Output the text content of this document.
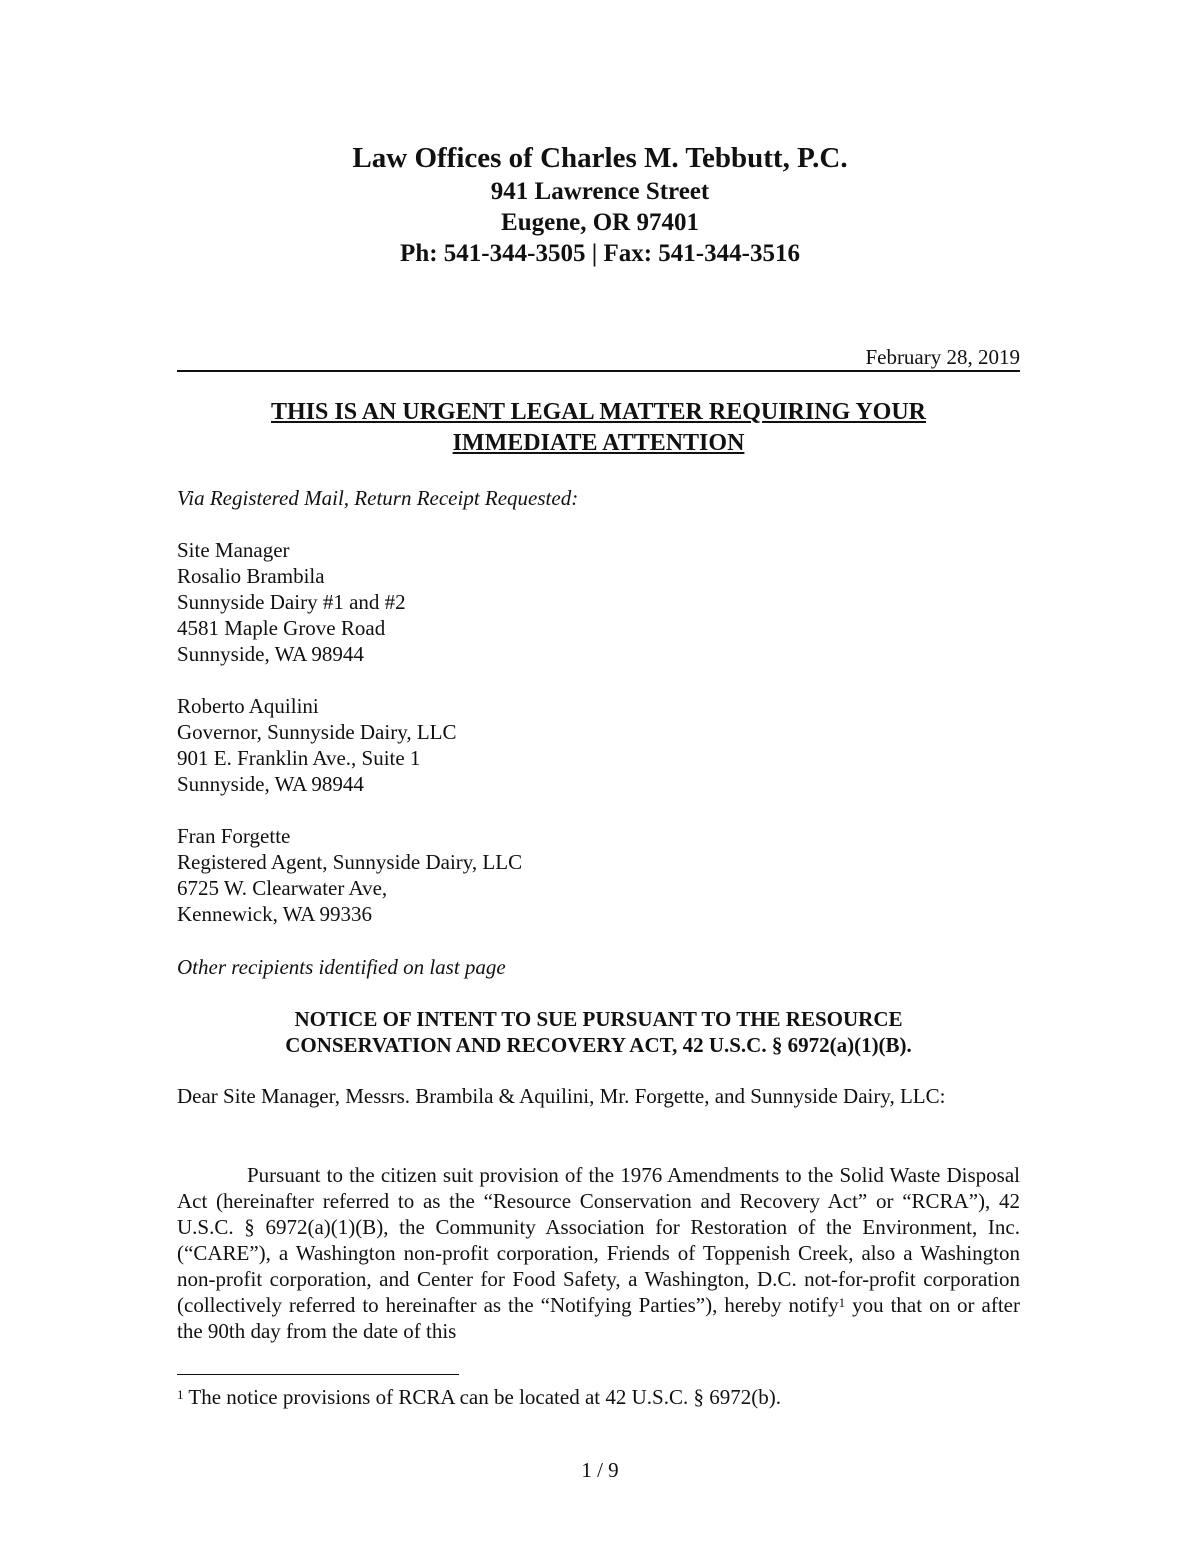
Law Offices of Charles M. Tebbutt, P.C.
941 Lawrence Street
Eugene, OR 97401
Ph: 541-344-3505 | Fax: 541-344-3516
February 28, 2019
THIS IS AN URGENT LEGAL MATTER REQUIRING YOUR
IMMEDIATE ATTENTION
Via Registered Mail, Return Receipt Requested:
Site Manager
Rosalio Brambila
Sunnyside Dairy #1 and #2
4581 Maple Grove Road
Sunnyside, WA 98944
Roberto Aquilini
Governor, Sunnyside Dairy, LLC
901 E. Franklin Ave., Suite 1
Sunnyside, WA 98944
Fran Forgette
Registered Agent, Sunnyside Dairy, LLC
6725 W. Clearwater Ave,
Kennewick, WA 99336
Other recipients identified on last page
NOTICE OF INTENT TO SUE PURSUANT TO THE RESOURCE
CONSERVATION AND RECOVERY ACT, 42 U.S.C. § 6972(a)(1)(B).
Dear Site Manager, Messrs. Brambila & Aquilini, Mr. Forgette, and Sunnyside Dairy, LLC:
Pursuant to the citizen suit provision of the 1976 Amendments to the Solid Waste Disposal Act (hereinafter referred to as the “Resource Conservation and Recovery Act” or “RCRA”), 42 U.S.C. § 6972(a)(1)(B), the Community Association for Restoration of the Environment, Inc. (“CARE”), a Washington non-profit corporation, Friends of Toppenish Creek, also a Washington non-profit corporation, and Center for Food Safety, a Washington, D.C. not-for-profit corporation (collectively referred to hereinafter as the “Notifying Parties”), hereby notify$^1$ you that on or after the 90th day from the date of this
$^1$ The notice provisions of RCRA can be located at 42 U.S.C. § 6972(b).
1 / 9
